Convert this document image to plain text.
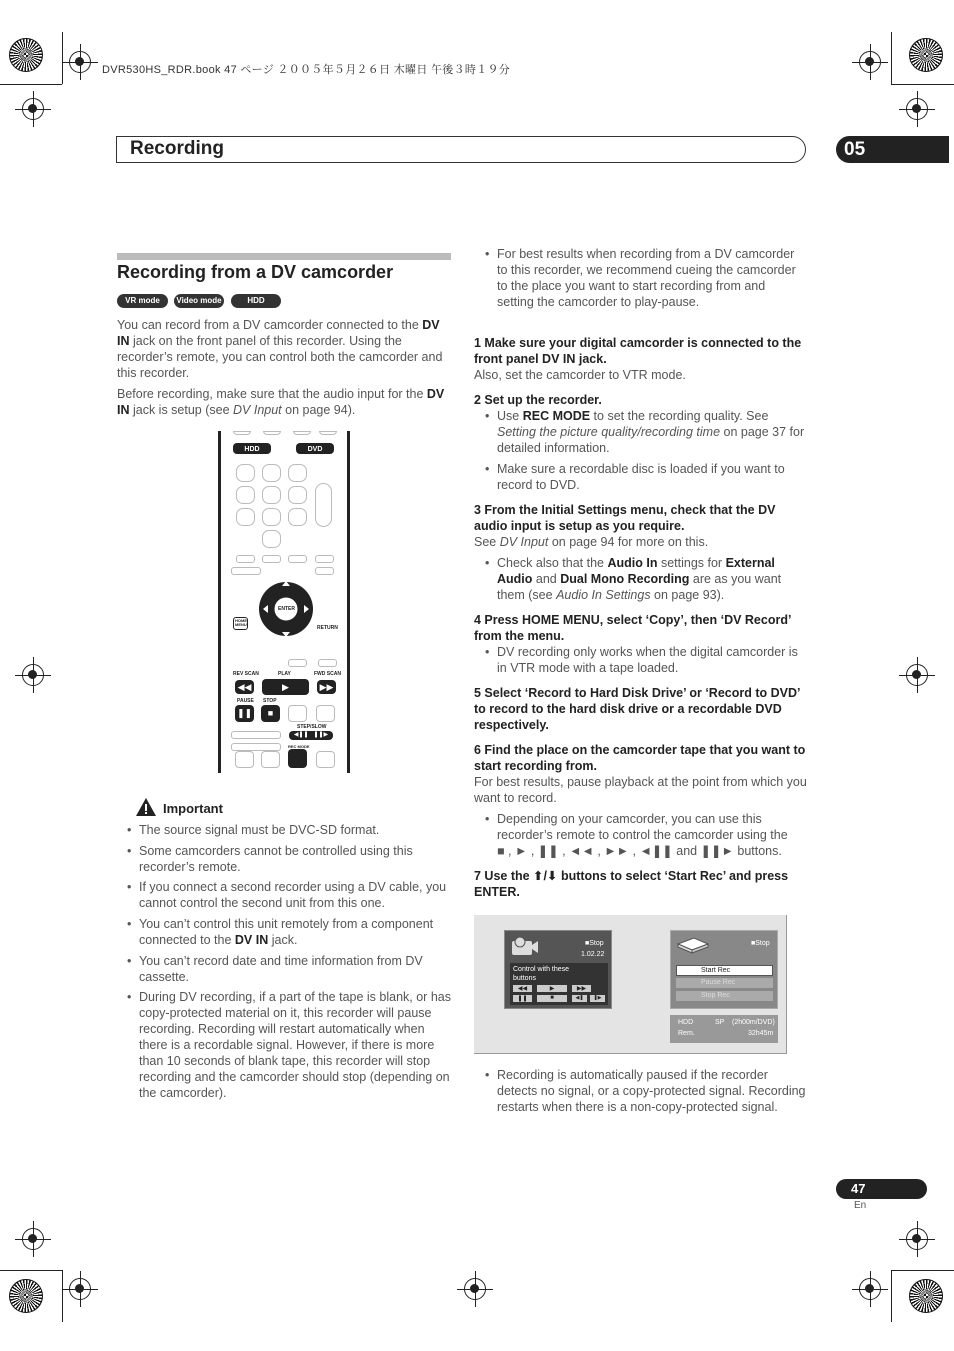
DVR530HS_RDR.book 47 ページ ２００５年５月２６日 木曜日 午後３時１９分
Recording	05
Recording from a DV camcorder
VR mode	Video mode	HDD
You can record from a DV camcorder connected to the DV IN jack on the front panel of this recorder. Using the recorder’s remote, you can control both the camcorder and this recorder.
Before recording, make sure that the audio input for the DV IN jack is setup (see DV Input on page 94).
HDD	DVD
ENTER
HOME MENU
RETURN
REV SCAN	PLAY	FWD SCAN
◀◀	▶	▶▶
PAUSE STOP
❚❚	■
STEP/SLOW
◀❚❚   ❚❚▶
REC MODE
Important
• The source signal must be DVC-SD format.
• Some camcorders cannot be controlled using this recorder’s remote.
• If you connect a second recorder using a DV cable, you cannot control the second unit from this one.
• You can’t control this unit remotely from a component connected to the DV IN jack.
• You can’t record date and time information from DV cassette.
• During DV recording, if a part of the tape is blank, or has copy-protected material on it, this recorder will pause recording. Recording will restart automatically when there is a recordable signal. However, if there is more than 10 seconds of blank tape, this recorder will stop recording and the camcorder should stop (depending on the camcorder).
• For best results when recording from a DV camcorder to this recorder, we recommend cueing the camcorder to the place you want to start recording from and setting the camcorder to play-pause.
1 Make sure your digital camcorder is connected to the front panel DV IN jack.
Also, set the camcorder to VTR mode.
2 Set up the recorder.
• Use REC MODE to set the recording quality. See Setting the picture quality/recording time on page 37 for detailed information.
• Make sure a recordable disc is loaded if you want to record to DVD.
3 From the Initial Settings menu, check that the DV audio input is setup as you require.
See DV Input on page 94 for more on this.
• Check also that the Audio In settings for External Audio and Dual Mono Recording are as you want them (see Audio In Settings on page 93).
4 Press HOME MENU, select ‘Copy’, then ‘DV Record’ from the menu.
• DV recording only works when the digital camcorder is in VTR mode with a tape loaded.
5 Select ‘Record to Hard Disk Drive’ or ‘Record to DVD’ to record to the hard disk drive or a recordable DVD respectively.
6 Find the place on the camcorder tape that you want to start recording from.
For best results, pause playback at the point from which you want to record.
• Depending on your camcorder, you can use this recorder’s remote to control the camcorder using the
■ , ► , ❚❚ , ◄◄ , ►► , ◄❚❚ and ❚❚► buttons.
7 Use the ⬆/⬇ buttons to select ‘Start Rec’ and press ENTER.
■Stop
1.02.22
Control with these buttons
◀◀	▶	▶▶
❚❚	■	◀❚	❚▶
■Stop
Start Rec
Pause Rec
Stop Rec
HDD	SP (2h00m/DVD)
Rem.	32h45m
• Recording is automatically paused if the recorder detects no signal, or a copy-protected signal. Recording restarts when there is a non-copy-protected signal.
47
En
